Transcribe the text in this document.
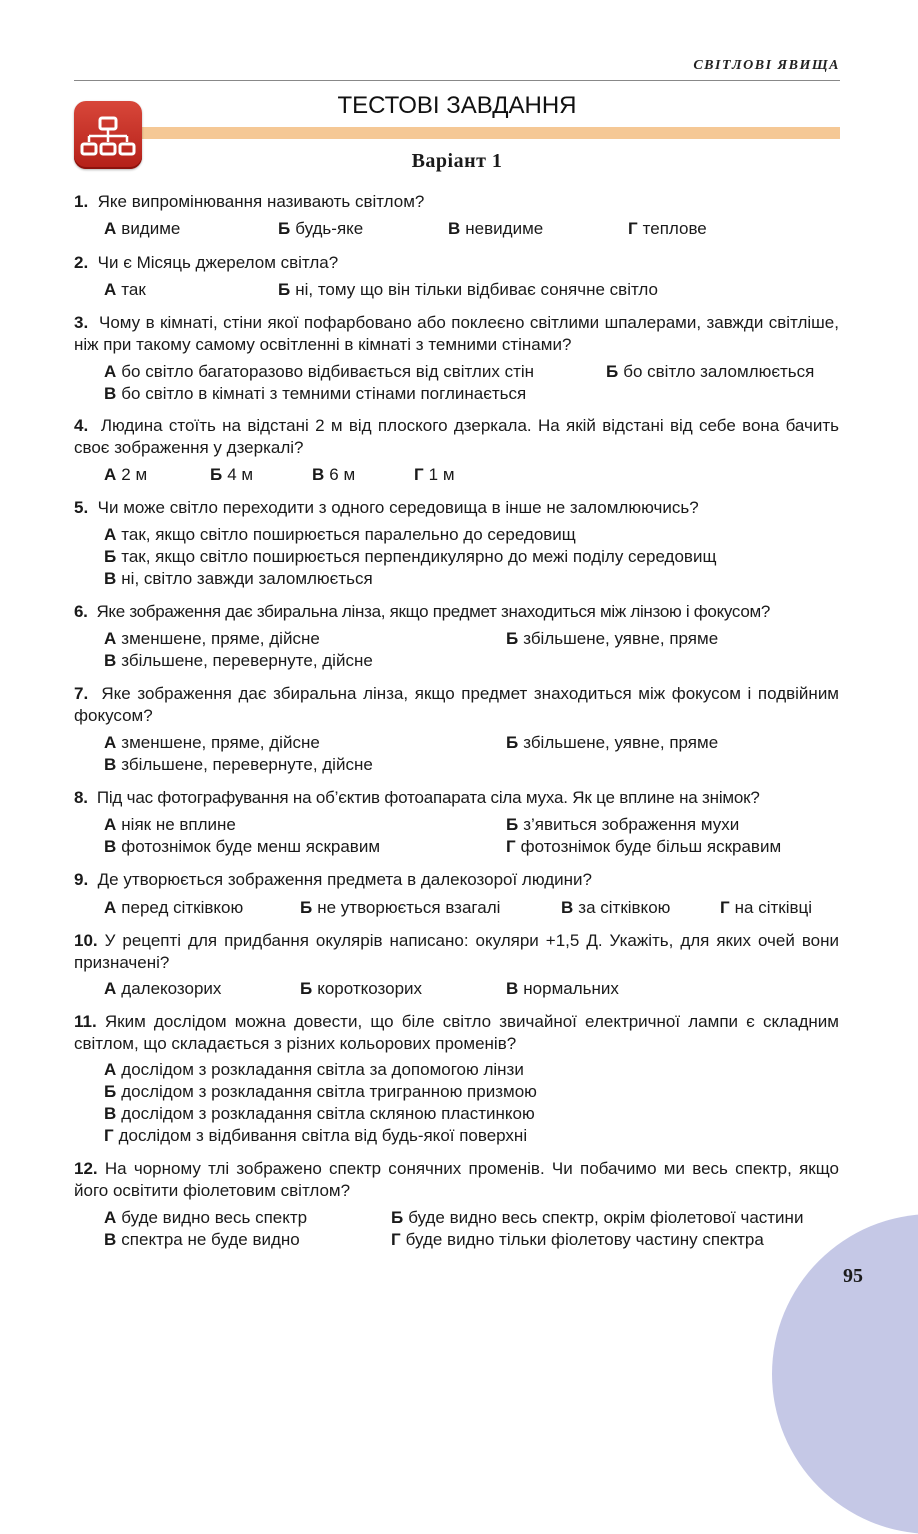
СВІТЛОВІ ЯВИЩА
ТЕСТОВІ ЗАВДАННЯ
Варіант 1
1. Яке випромінювання називають світлом?
А видиме	Б будь-яке	В невидиме	Г теплове
2. Чи є Місяць джерелом світла?
А так	Б ні, тому що він тільки відбиває сонячне світло
3. Чому в кімнаті, стіни якої пофарбовано або поклеєно світлими шпалерами, завжди світліше, ніж при такому самому освітленні в кімнаті з темними стінами?
А бо світло багаторазово відбивається від світлих стін	Б бо світло заломлюється
В бо світло в кімнаті з темними стінами поглинається
4. Людина стоїть на відстані 2 м від плоского дзеркала. На якій відстані від себе вона бачить своє зображення у дзеркалі?
А 2 м	Б 4 м	В 6 м	Г 1 м
5. Чи може світло переходити з одного середовища в інше не заломлюючись?
А так, якщо світло поширюється паралельно до середовищ
Б так, якщо світло поширюється перпендикулярно до межі поділу середовищ
В ні, світло завжди заломлюється
6. Яке зображення дає збиральна лінза, якщо предмет знаходиться між лінзою і фокусом?
А зменшене, пряме, дійсне	Б збільшене, уявне, пряме
В збільшене, перевернуте, дійсне
7. Яке зображення дає збиральна лінза, якщо предмет знаходиться між фокусом і подвійним фокусом?
А зменшене, пряме, дійсне	Б збільшене, уявне, пряме
В збільшене, перевернуте, дійсне
8. Під час фотографування на об’єктив фотоапарата сіла муха. Як це вплине на знімок?
А ніяк не вплине	Б з’явиться зображення мухи
В фотознімок буде менш яскравим	Г фотознімок буде більш яскравим
9. Де утворюється зображення предмета в далекозорої людини?
А перед сітківкою	Б не утворюється взагалі	В за сітківкою	Г на сітківці
10. У рецепті для придбання окулярів написано: окуляри +1,5 Д. Укажіть, для яких очей вони призначені?
А далекозорих	Б короткозорих	В нормальних
11. Яким дослідом можна довести, що біле світло звичайної електричної лампи є складним світлом, що складається з різних кольорових променів?
А дослідом з розкладання світла за допомогою лінзи
Б дослідом з розкладання світла тригранною призмою
В дослідом з розкладання світла скляною пластинкою
Г дослідом з відбивання світла від будь-якої поверхні
12. На чорному тлі зображено спектр сонячних променів. Чи побачимо ми весь спектр, якщо його освітити фіолетовим світлом?
А буде видно весь спектр	Б буде видно весь спектр, окрім фіолетової частини
В спектра не буде видно	Г буде видно тільки фіолетову частину спектра
95
